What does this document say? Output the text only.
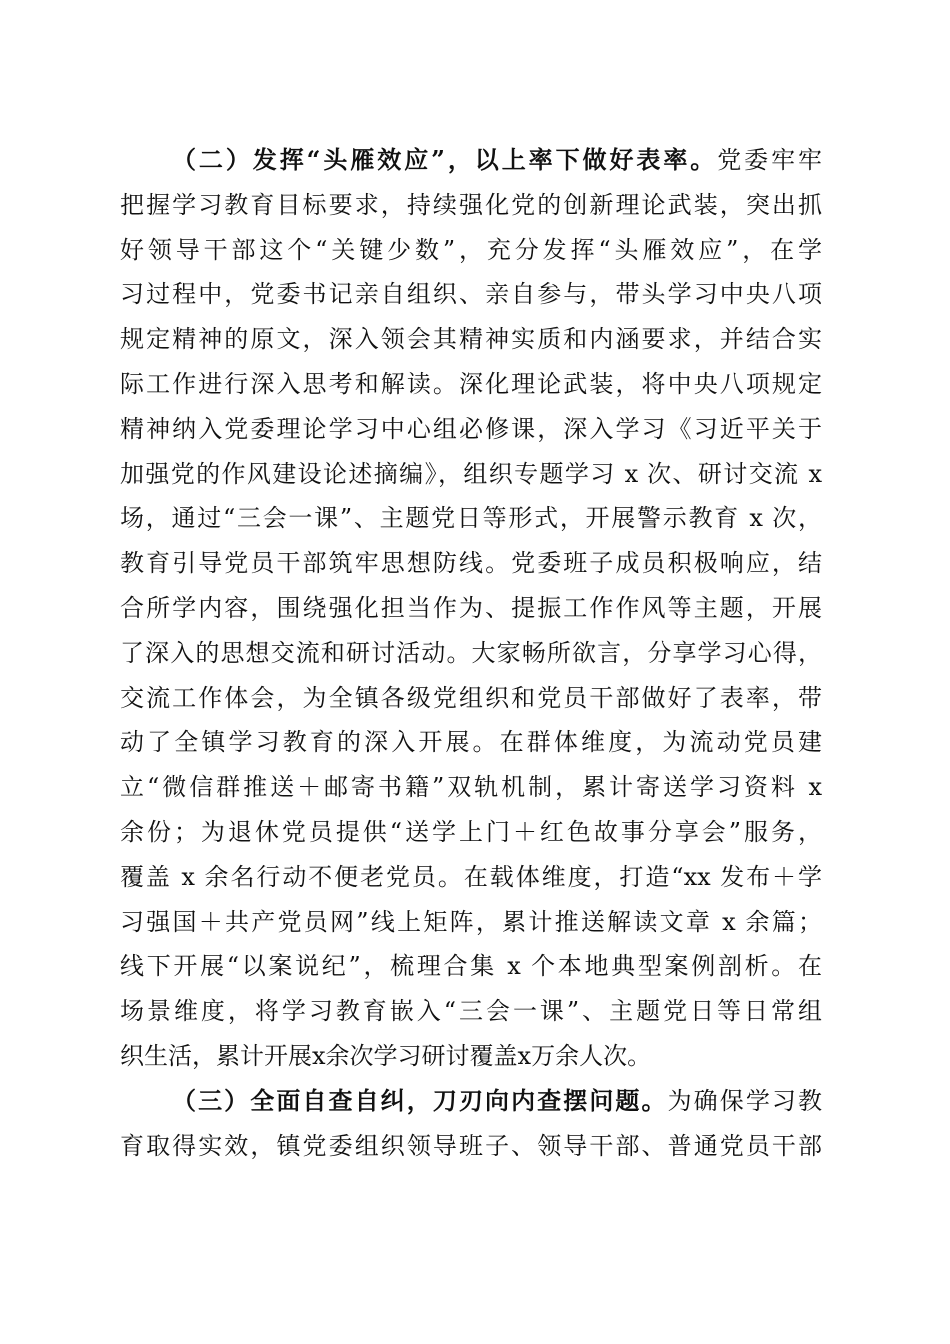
（二）发挥“头雁效应”，以上率下做好表率。党委牢牢
把握学习教育目标要求，持续强化党的创新理论武装，突出抓
好领导干部这个“关键少数”，充分发挥“头雁效应”，在学
习过程中，党委书记亲自组织、亲自参与，带头学习中央八项
规定精神的原文，深入领会其精神实质和内涵要求，并结合实
际工作进行深入思考和解读。深化理论武装，将中央八项规定
精神纳入党委理论学习中心组必修课，深入学习《习近平关于
加强党的作风建设论述摘编》，组织专题学习 x 次、研讨交流 x
场，通过“三会一课”、主题党日等形式，开展警示教育 x 次，
教育引导党员干部筑牢思想防线。党委班子成员积极响应，结
合所学内容，围绕强化担当作为、提振工作作风等主题，开展
了深入的思想交流和研讨活动。大家畅所欲言，分享学习心得，
交流工作体会，为全镇各级党组织和党员干部做好了表率，带
动了全镇学习教育的深入开展。在群体维度，为流动党员建
立“微信群推送＋邮寄书籍”双轨机制，累计寄送学习资料 x
余份；为退休党员提供“送学上门＋红色故事分享会”服务，
覆盖 x 余名行动不便老党员。在载体维度，打造“xx 发布＋学
习强国＋共产党员网”线上矩阵，累计推送解读文章 x 余篇；
线下开展“以案说纪”，梳理合集 x 个本地典型案例剖析。在
场景维度，将学习教育嵌入“三会一课”、主题党日等日常组
织生活，累计开展x余次学习研讨覆盖x万余人次。
（三）全面自查自纠，刀刃向内查摆问题。为确保学习教
育取得实效，镇党委组织领导班子、领导干部、普通党员干部
